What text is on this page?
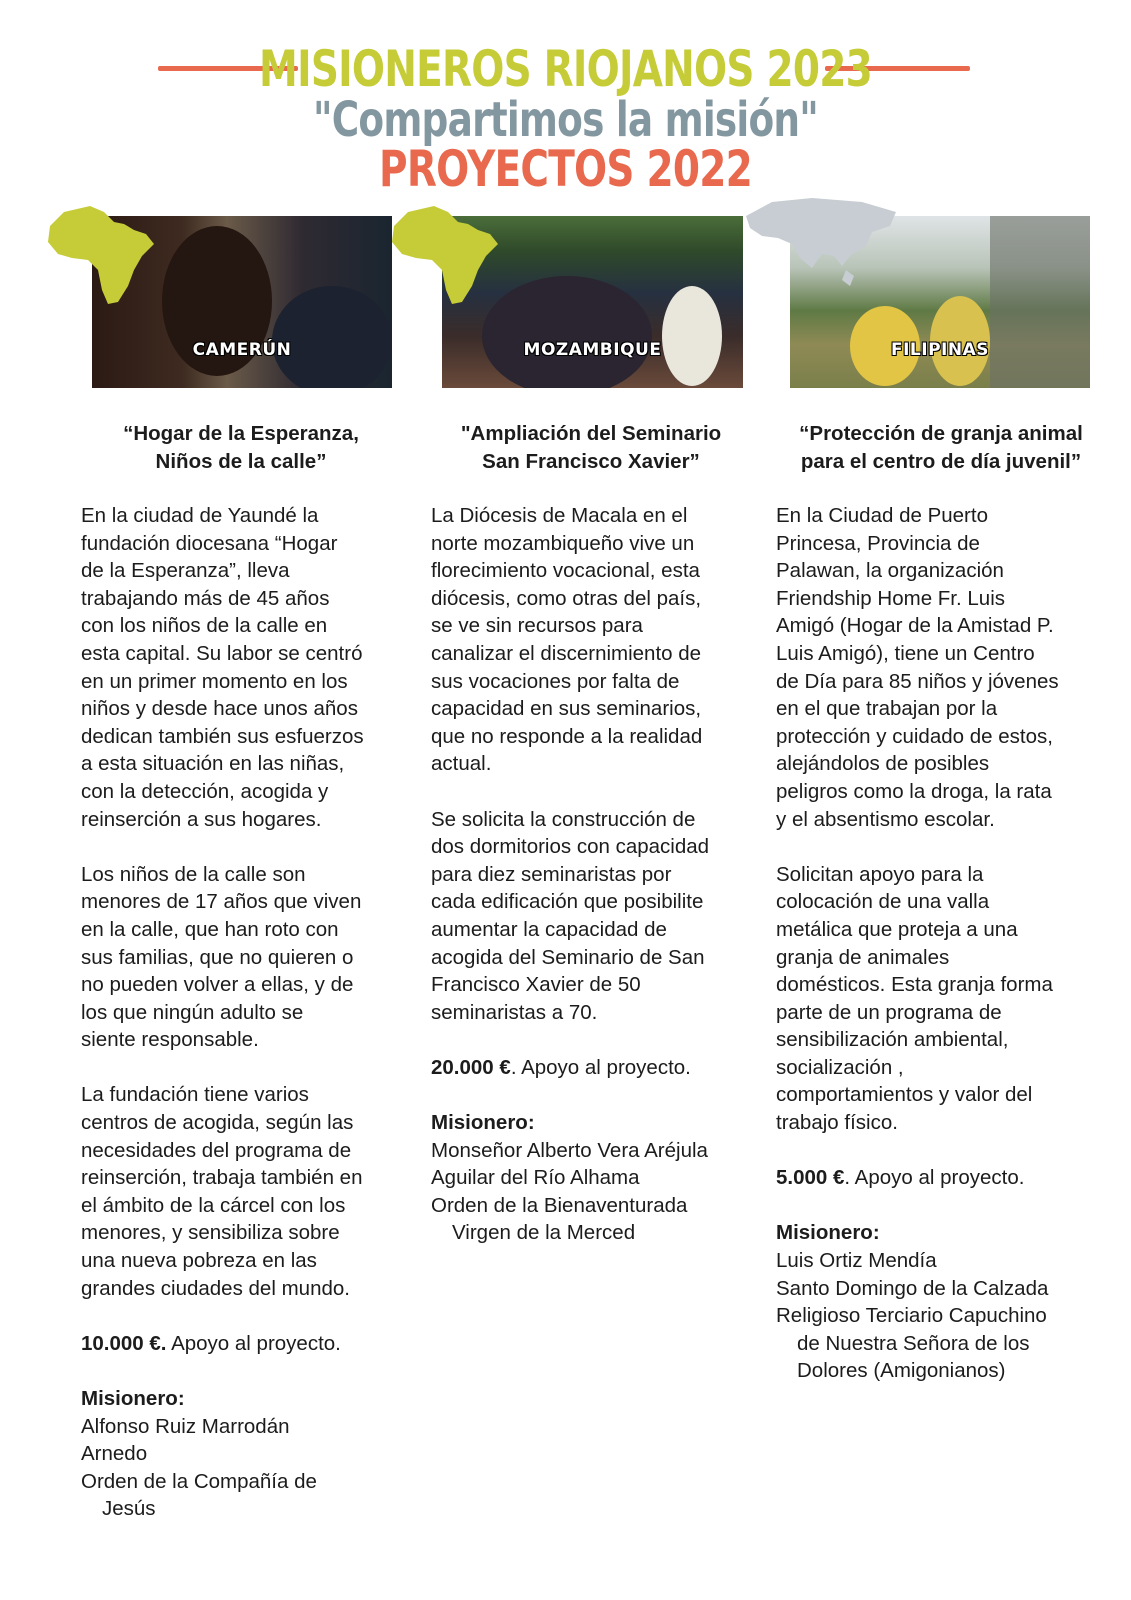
MISIONEROS RIOJANOS 2023
"Compartimos la misión"
PROYECTOS 2022
CAMERÚN	MOZAMBIQUE	FILIPINAS
“Hogar de la Esperanza,
Niños de la calle”
En la ciudad de Yaundé la
fundación diocesana “Hogar
de la Esperanza”, lleva
trabajando más de 45 años
con los niños de la calle en
esta capital. Su labor se centró
en un primer momento en los
niños y desde hace unos años
dedican también sus esfuerzos
a esta situación en las niñas,
con la detección, acogida y
reinserción a sus hogares.
Los niños de la calle son
menores de 17 años que viven
en la calle, que han roto con
sus familias, que no quieren o
no pueden volver a ellas, y de
los que ningún adulto se
siente responsable.
La fundación tiene varios
centros de acogida, según las
necesidades del programa de
reinserción, trabaja también en
el ámbito de la cárcel con los
menores, y sensibiliza sobre
una nueva pobreza en las
grandes ciudades del mundo.
10.000 €. Apoyo al proyecto.
Misionero:
Alfonso Ruiz Marrodán
Arnedo
Orden de la Compañía de
Jesús
"Ampliación del Seminario
San Francisco Xavier”
La Diócesis de Macala en el
norte mozambiqueño vive un
florecimiento vocacional, esta
diócesis, como otras del país,
se ve sin recursos para
canalizar el discernimiento de
sus vocaciones por falta de
capacidad en sus seminarios,
que no responde a la realidad
actual.
Se solicita la construcción de
dos dormitorios con capacidad
para diez seminaristas por
cada edificación que posibilite
aumentar la capacidad de
acogida del Seminario de San
Francisco Xavier de 50
seminaristas a 70.
20.000 €. Apoyo al proyecto.
Misionero:
Monseñor Alberto Vera Aréjula
Aguilar del Río Alhama
Orden de la Bienaventurada
Virgen de la Merced
“Protección de granja animal
para el centro de día juvenil”
En la Ciudad de Puerto
Princesa, Provincia de
Palawan, la organización
Friendship Home Fr. Luis
Amigó (Hogar de la Amistad P.
Luis Amigó), tiene un Centro
de Día para 85 niños y jóvenes
en el que trabajan por la
protección y cuidado de estos,
alejándolos de posibles
peligros como la droga, la rata
y el absentismo escolar.
Solicitan apoyo para la
colocación de una valla
metálica que proteja a una
granja de animales
domésticos. Esta granja forma
parte de un programa de
sensibilización ambiental,
socialización ,
comportamientos y valor del
trabajo físico.
5.000 €. Apoyo al proyecto.
Misionero:
Luis Ortiz Mendía
Santo Domingo de la Calzada
Religioso Terciario Capuchino
de Nuestra Señora de los
Dolores (Amigonianos)
